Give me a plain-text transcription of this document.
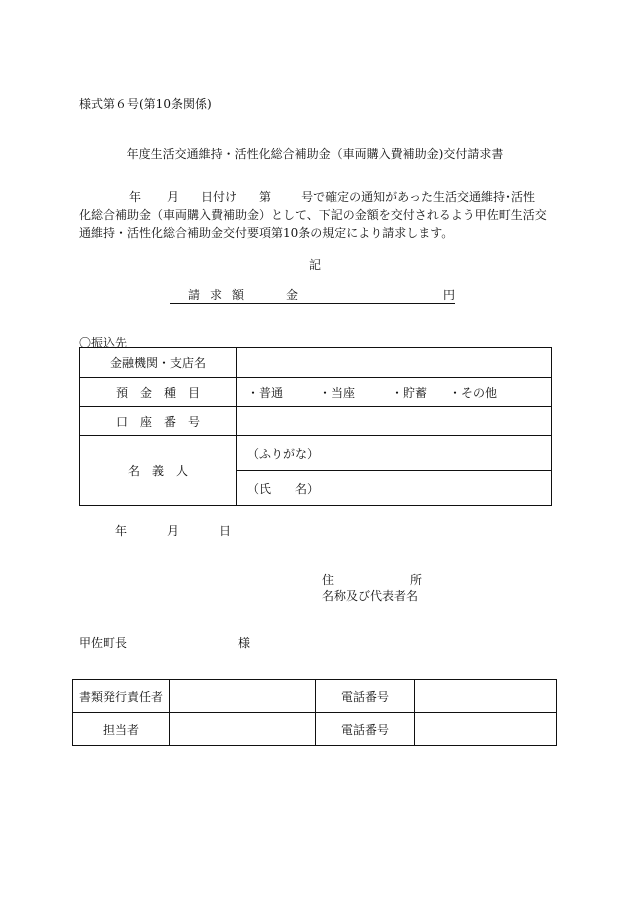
様式第６号(第10条関係)
年度生活交通維持・活性化総合補助金（車両購入費補助金)交付請求書
年 月 日付け 第	号で確定の通知があった生活交通維持･活性
化総合補助金（車両購入費補助金）として、下記の金額を交付されるよう甲佐町生活交
通維持・活性化総合補助金交付要項第10条の規定により請求します。
記
請求額	金	円
〇振込先
金融機関・支店名	
預　金　種　目	・普通 ・当座 ・貯蓄 ・その他
口　座　番　号	
名　義　人	（ふりがな）
	（氏　　名）
年	月	日
住	所
名称及び代表者名
甲佐町長	様
書類発行責任者		電話番号	
担当者		電話番号	
